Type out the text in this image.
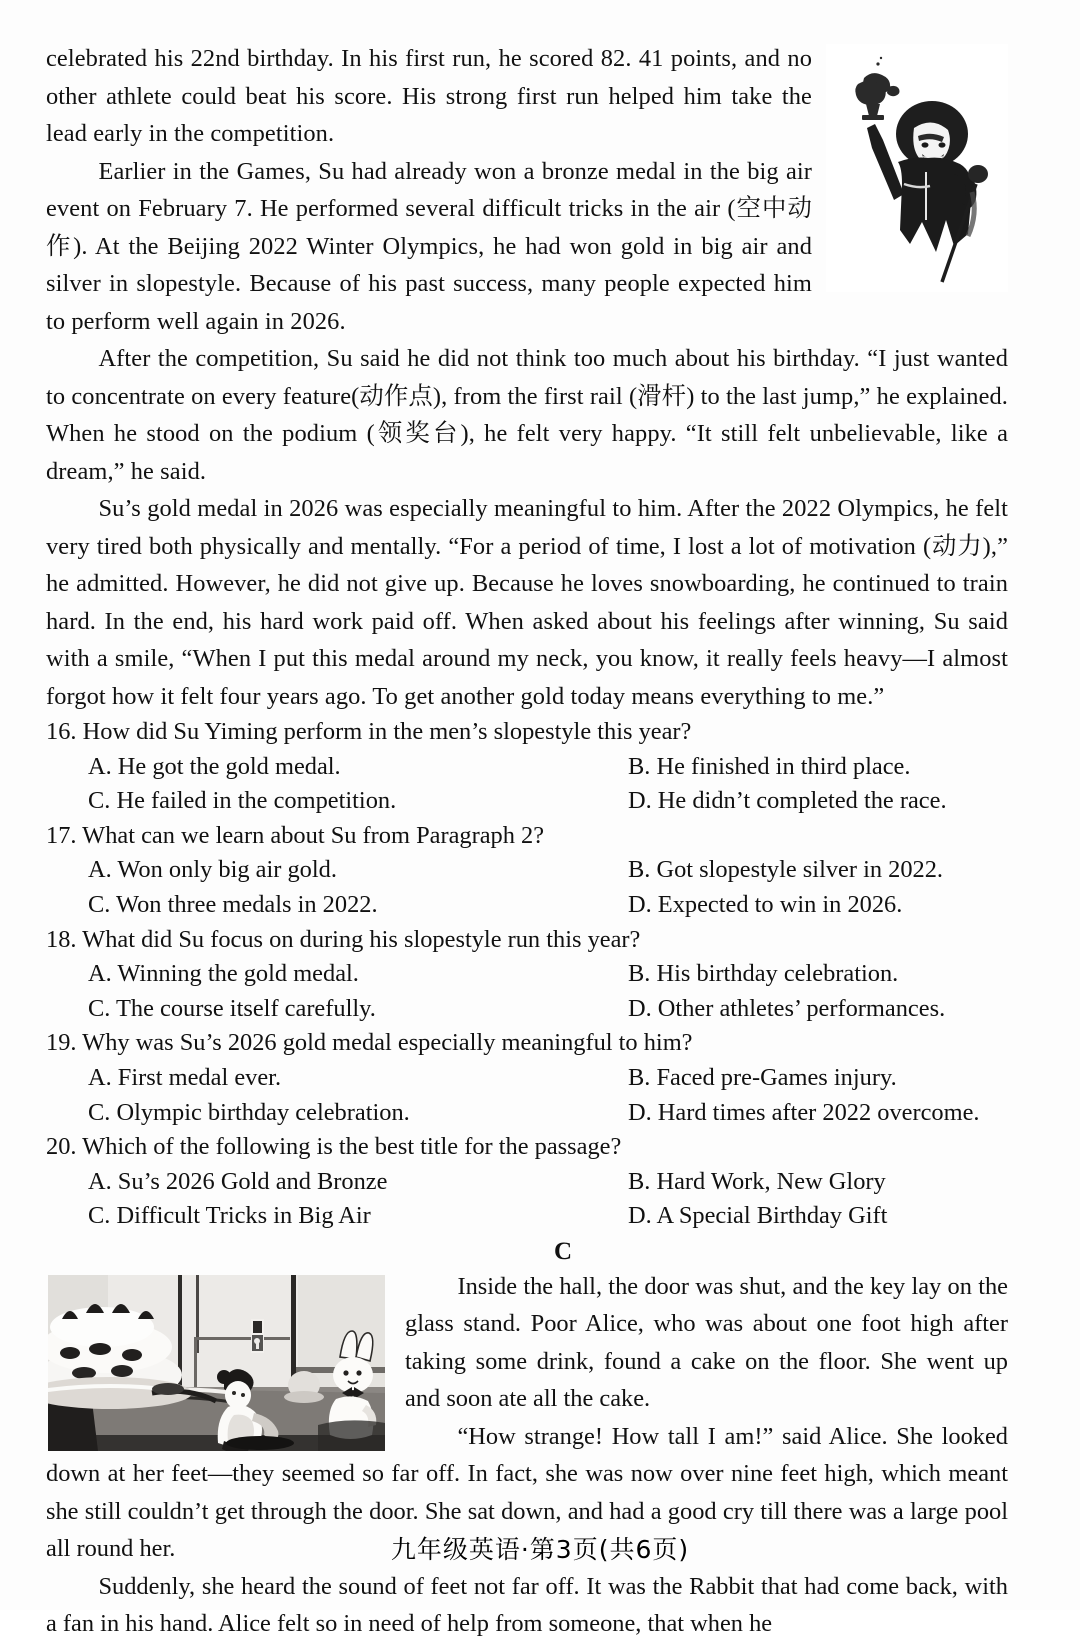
celebrated his 22nd birthday. In his first run, he scored 82. 41 points, and no other athlete could beat his score. His strong first run helped him take the lead early in the competition.

Earlier in the Games, Su had already won a bronze medal in the big air event on February 7. He performed several difficult tricks in the air (空中动作). At the Beijing 2022 Winter Olympics, he had won gold in big air and silver in slopestyle. Because of his past success, many people expected him to perform well again in 2026.

After the competition, Su said he did not think too much about his birthday. “I just wanted to concentrate on every feature(动作点), from the first rail (滑杆) to the last jump,” he explained. When he stood on the podium (领奖台), he felt very happy. “It still felt unbelievable, like a dream,” he said.

Su’s gold medal in 2026 was especially meaningful to him. After the 2022 Olympics, he felt very tired both physically and mentally. “For a period of time, I lost a lot of motivation (动力),” he admitted. However, he did not give up. Because he loves snowboarding, he continued to train hard. In the end, his hard work paid off. When asked about his feelings after winning, Su said with a smile, “When I put this medal around my neck, you know, it really feels heavy—I almost forgot how it felt four years ago. To get another gold today means everything to me.”

16. How did Su Yiming perform in the men’s slopestyle this year?
A. He got the gold medal.	B. He finished in third place.
C. He failed in the competition.	D. He didn’t completed the race.
17. What can we learn about Su from Paragraph 2?
A. Won only big air gold.	B. Got slopestyle silver in 2022.
C. Won three medals in 2022.	D. Expected to win in 2026.
18. What did Su focus on during his slopestyle run this year?
A. Winning the gold medal.	B. His birthday celebration.
C. The course itself carefully.	D. Other athletes’ performances.
19. Why was Su’s 2026 gold medal especially meaningful to him?
A. First medal ever.	B. Faced pre-Games injury.
C. Olympic birthday celebration.	D. Hard times after 2022 overcome.
20. Which of the following is the best title for the passage?
A. Su’s 2026 Gold and Bronze	B. Hard Work, New Glory
C. Difficult Tricks in Big Air	D. A Special Birthday Gift
C

Inside the hall, the door was shut, and the key lay on the glass stand. Poor Alice, who was about one foot high after taking some drink, found a cake on the floor. She went up and soon ate all the cake.

“How strange! How tall I am!” said Alice. She looked down at her feet—they seemed so far off. In fact, she was now over nine feet high, which meant she still couldn’t get through the door. She sat down, and had a good cry till there was a large pool all round her.

Suddenly, she heard the sound of feet not far off. It was the Rabbit that had come back, with a fan in his hand. Alice felt so in need of help from someone, that when he

九年级英语·第3页(共6页)
